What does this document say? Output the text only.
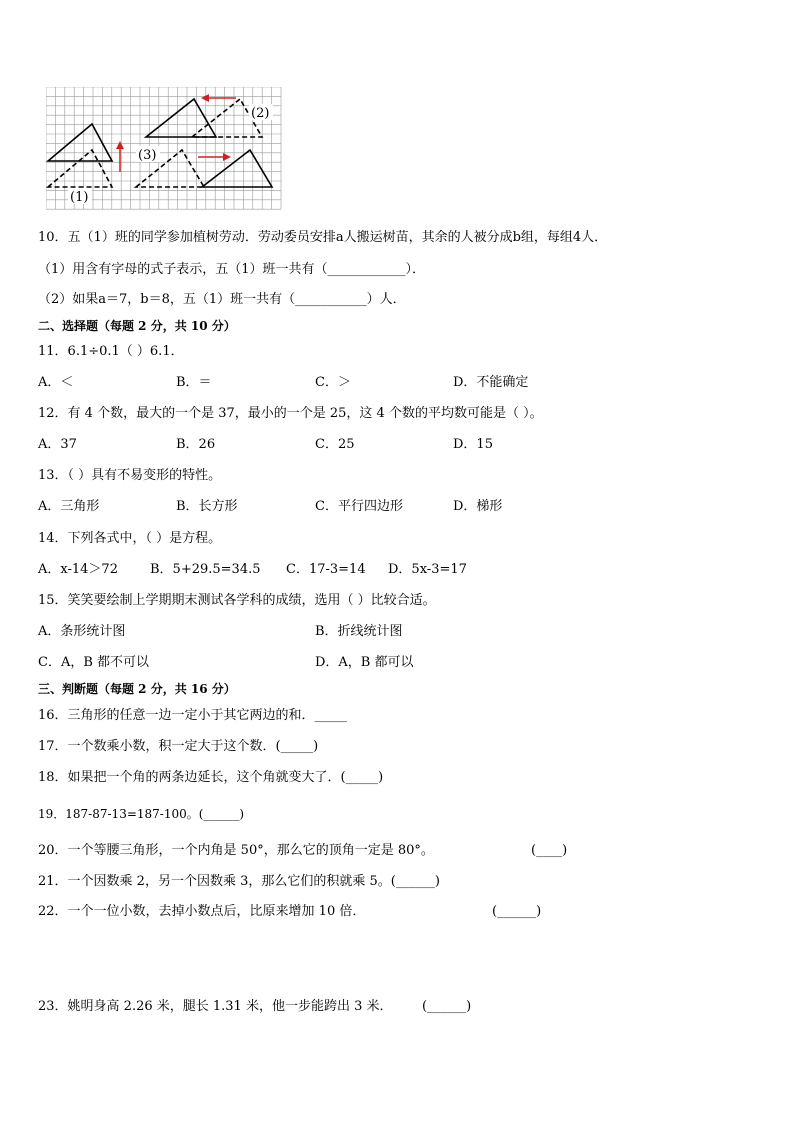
(1)
(2)
(3)
10．五（1）班的同学参加植树劳动．劳动委员安排a人搬运树苗，其余的人被分成b组，每组4人．
（1）用含有字母的式子表示，五（1）班一共有（____________）．
（2）如果a＝7，b＝8，五（1）班一共有（___________）人．
二、选择题（每题 2 分，共 10 分）
11．6.1÷0.1（ ）6.1．
A．＜	B．＝	C．＞	D．不能确定
12．有 4 个数，最大的一个是 37，最小的一个是 25，这 4 个数的平均数可能是（ ）。
A．37	B．26	C．25	D．15
13．（ ）具有不易变形的特性。
A．三角形	B．长方形	C．平行四边形	D．梯形
14．下列各式中，（ ）是方程。
A．x-14＞72 B．5+29.5=34.5 C．17-3=14 D．5x-3=17
15．笑笑要绘制上学期期末测试各学科的成绩，选用（ ）比较合适。
A．条形统计图	B．折线统计图
C．A，B 都不可以	D．A，B 都可以
三、判断题（每题 2 分，共 16 分）
16．三角形的任意一边一定小于其它两边的和．_____
17．一个数乘小数，积一定大于这个数．(_____)
18．如果把一个角的两条边延长，这个角就变大了．(_____)
19．187-87-13=187-100。(______)
20．一个等腰三角形，一个内角是 50°，那么它的顶角一定是 80°。	(____)
21．一个因数乘 2，另一个因数乘 3，那么它们的积就乘 5。(______)
22．一个一位小数，去掉小数点后，比原来增加 10 倍．	(______)
23．姚明身高 2.26 米，腿长 1.31 米，他一步能跨出 3 米． (______)
